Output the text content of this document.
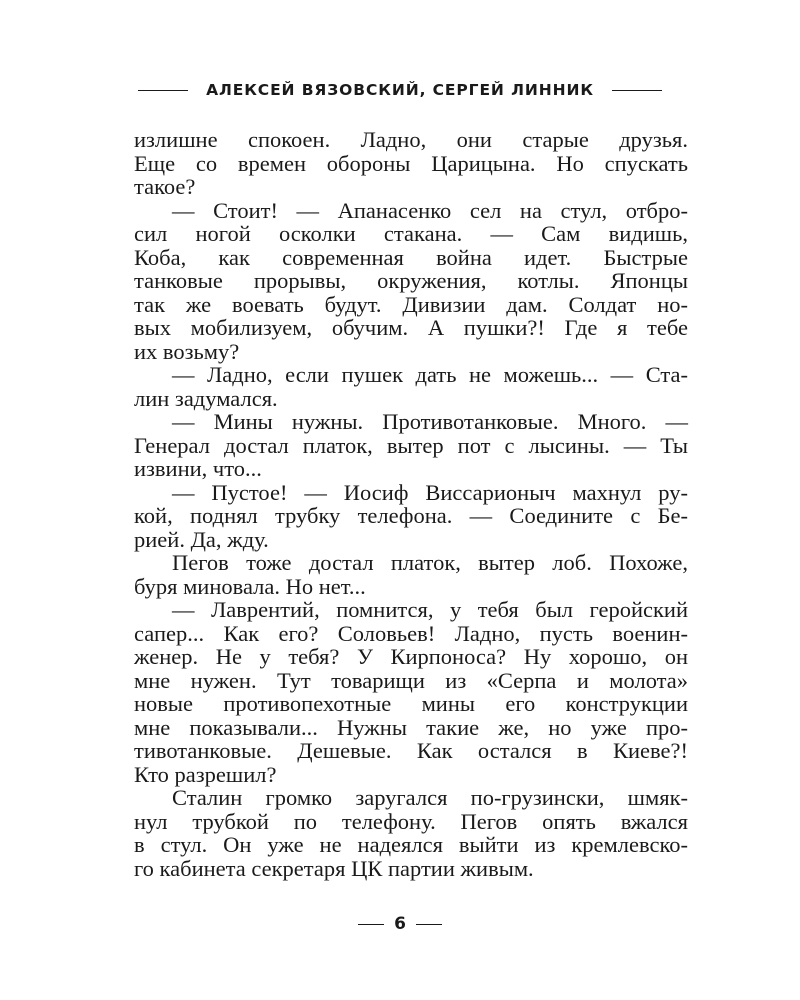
АЛЕКСЕЙ ВЯЗОВСКИЙ, СЕРГЕЙ ЛИННИК
излишне спокоен. Ладно, они старые друзья.
Еще со времен обороны Царицына. Но спускать
такое?
— Стоит! — Апанасенко сел на стул, отбро-
сил ногой осколки стакана. — Сам видишь,
Коба, как современная война идет. Быстрые
танковые прорывы, окружения, котлы. Японцы
так же воевать будут. Дивизии дам. Солдат но-
вых мобилизуем, обучим. А пушки?! Где я тебе
их возьму?
— Ладно, если пушек дать не можешь... — Ста-
лин задумался.
— Мины нужны. Противотанковые. Много. —
Генерал достал платок, вытер пот с лысины. — Ты
извини, что...
— Пустое! — Иосиф Виссарионыч махнул ру-
кой, поднял трубку телефона. — Соедините с Бе-
рией. Да, жду.
Пегов тоже достал платок, вытер лоб. Похоже,
буря миновала. Но нет...
— Лаврентий, помнится, у тебя был геройский
сапер... Как его? Соловьев! Ладно, пусть военин-
женер. Не у тебя? У Кирпоноса? Ну хорошо, он
мне нужен. Тут товарищи из «Серпа и молота»
новые противопехотные мины его конструкции
мне показывали... Нужны такие же, но уже про-
тивотанковые. Дешевые. Как остался в Киеве?!
Кто разрешил?
Сталин громко заругался по-грузински, шмяк-
нул трубкой по телефону. Пегов опять вжался
в стул. Он уже не надеялся выйти из кремлевско-
го кабинета секретаря ЦК партии живым.
6
